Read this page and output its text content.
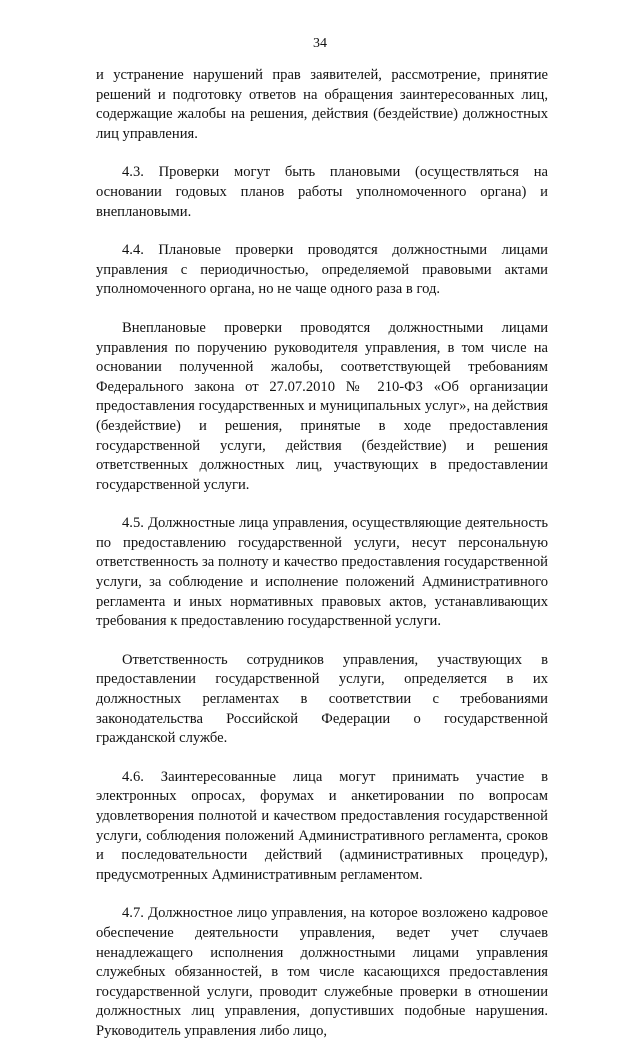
34

и устранение нарушений прав заявителей, рассмотрение, принятие решений и подготовку ответов на обращения заинтересованных лиц, содержащие жалобы на решения, действия (бездействие) должностных лиц управления.

4.3. Проверки могут быть плановыми (осуществляться на основании годовых планов работы уполномоченного органа) и внеплановыми.

4.4. Плановые проверки проводятся должностными лицами управления с периодичностью, определяемой правовыми актами уполномоченного органа, но не чаще одного раза в год.

Внеплановые проверки проводятся должностными лицами управления по поручению руководителя управления, в том числе на основании полученной жалобы, соответствующей требованиям Федерального закона от 27.07.2010 № 210-ФЗ «Об организации предоставления государственных и муниципальных услуг», на действия (бездействие) и решения, принятые в ходе предоставления государственной услуги, действия (бездействие) и решения ответственных должностных лиц, участвующих в предоставлении государственной услуги.

4.5. Должностные лица управления, осуществляющие деятельность по предоставлению государственной услуги, несут персональную ответственность за полноту и качество предоставления государственной услуги, за соблюдение и исполнение положений Административного регламента и иных нормативных правовых актов, устанавливающих требования к предоставлению государственной услуги.

Ответственность сотрудников управления, участвующих в предоставлении государственной услуги, определяется в их должностных регламентах в соответствии с требованиями законодательства Российской Федерации о государственной гражданской службе.

4.6. Заинтересованные лица могут принимать участие в электронных опросах, форумах и анкетировании по вопросам удовлетворения полнотой и качеством предоставления государственной услуги, соблюдения положений Административного регламента, сроков и последовательности действий (административных процедур), предусмотренных Административным регламентом.

4.7. Должностное лицо управления, на которое возложено кадровое обеспечение деятельности управления, ведет учет случаев ненадлежащего исполнения должностными лицами управления служебных обязанностей, в том числе касающихся предоставления государственной услуги, проводит служебные проверки в отношении должностных лиц управления, допустивших подобные нарушения. Руководитель управления либо лицо,
